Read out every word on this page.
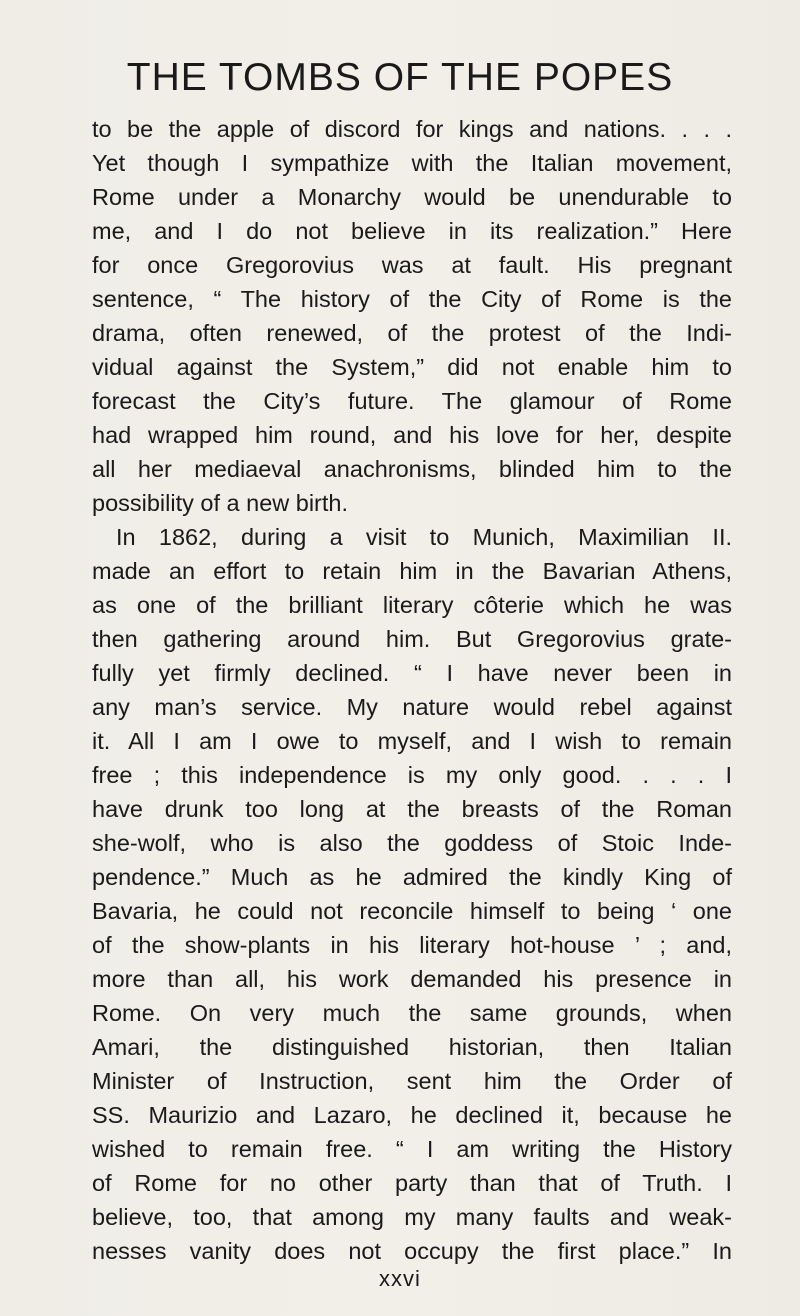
THE TOMBS OF THE POPES
to be the apple of discord for kings and nations. . . .
Yet though I sympathize with the Italian movement,
Rome under a Monarchy would be unendurable to
me, and I do not believe in its realization.” Here
for once Gregorovius was at fault. His pregnant
sentence, “ The history of the City of Rome is the
drama, often renewed, of the protest of the Indi-
vidual against the System,” did not enable him to
forecast the City’s future. The glamour of Rome
had wrapped him round, and his love for her, despite
all her mediaeval anachronisms, blinded him to the
possibility of a new birth.
In 1862, during a visit to Munich, Maximilian II.
made an effort to retain him in the Bavarian Athens,
as one of the brilliant literary côterie which he was
then gathering around him. But Gregorovius grate-
fully yet firmly declined. “ I have never been in
any man’s service. My nature would rebel against
it. All I am I owe to myself, and I wish to remain
free ; this independence is my only good. . . . I
have drunk too long at the breasts of the Roman
she-wolf, who is also the goddess of Stoic Inde-
pendence.” Much as he admired the kindly King of
Bavaria, he could not reconcile himself to being ‘ one
of the show-plants in his literary hot-house ’ ; and,
more than all, his work demanded his presence in
Rome. On very much the same grounds, when
Amari, the distinguished historian, then Italian
Minister of Instruction, sent him the Order of
SS. Maurizio and Lazaro, he declined it, because he
wished to remain free. “ I am writing the History
of Rome for no other party than that of Truth. I
believe, too, that among my many faults and weak-
nesses vanity does not occupy the first place.” In
xxvi
